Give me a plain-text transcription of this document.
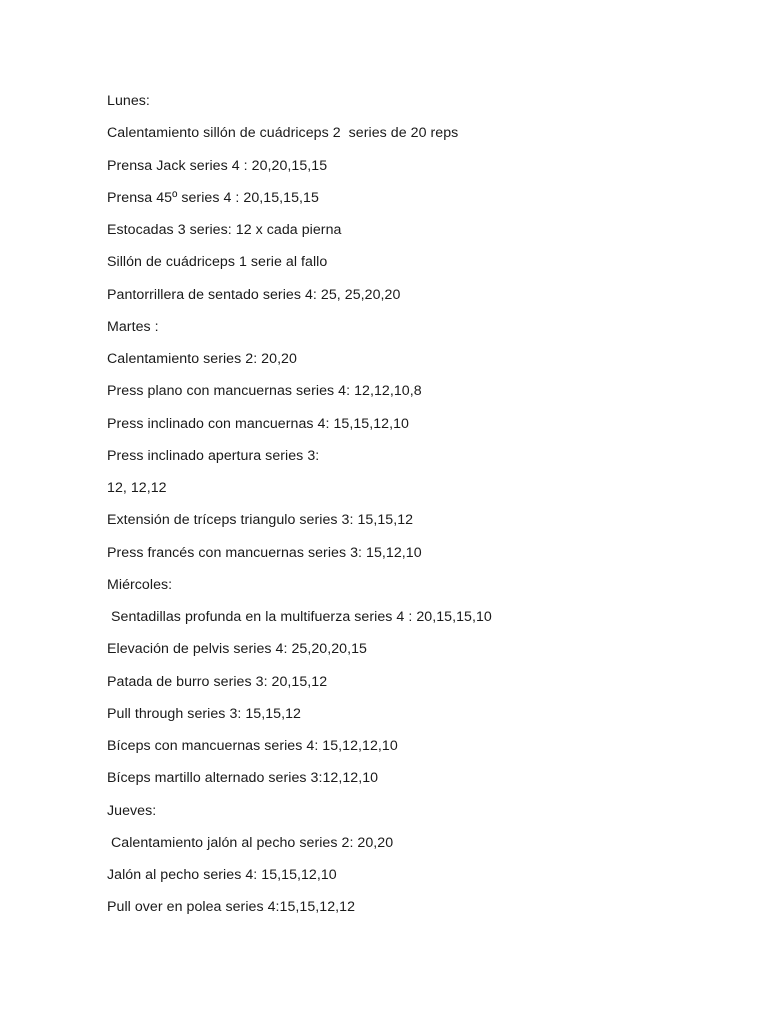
Lunes:
Calentamiento sillón de cuádriceps 2  series de 20 reps
Prensa Jack series 4 : 20,20,15,15
Prensa 45º series 4 : 20,15,15,15
Estocadas 3 series: 12 x cada pierna
Sillón de cuádriceps 1 serie al fallo
Pantorrillera de sentado series 4: 25, 25,20,20
Martes :
Calentamiento series 2: 20,20
Press plano con mancuernas series 4: 12,12,10,8
Press inclinado con mancuernas 4: 15,15,12,10
Press inclinado apertura series 3:
12, 12,12
Extensión de tríceps triangulo series 3: 15,15,12
Press francés con mancuernas series 3: 15,12,10
Miércoles:
Sentadillas profunda en la multifuerza series 4 : 20,15,15,10
Elevación de pelvis series 4: 25,20,20,15
Patada de burro series 3: 20,15,12
Pull through series 3: 15,15,12
Bíceps con mancuernas series 4: 15,12,12,10
Bíceps martillo alternado series 3:12,12,10
Jueves:
Calentamiento jalón al pecho series 2: 20,20
Jalón al pecho series 4: 15,15,12,10
Pull over en polea series 4:15,15,12,12
